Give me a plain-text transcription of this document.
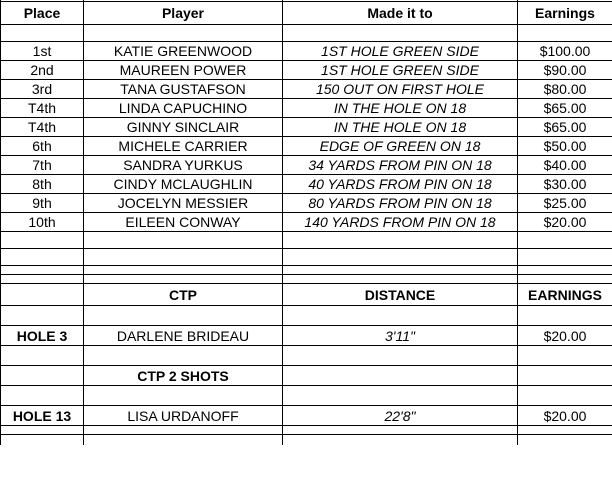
Place	Player	Made it to	Earnings

1st	KATIE GREENWOOD	1ST HOLE GREEN SIDE	$100.00
2nd	MAUREEN POWER	1ST HOLE GREEN SIDE	$90.00
3rd	TANA GUSTAFSON	150 OUT ON FIRST HOLE	$80.00
T4th	LINDA CAPUCHINO	IN THE HOLE ON 18	$65.00
T4th	GINNY SINCLAIR	IN THE HOLE ON 18	$65.00
6th	MICHELE CARRIER	EDGE OF GREEN ON 18	$50.00
7th	SANDRA YURKUS	34 YARDS FROM PIN ON 18	$40.00
8th	CINDY MCLAUGHLIN	40 YARDS FROM PIN ON 18	$30.00
9th	JOCELYN MESSIER	80 YARDS FROM PIN ON 18	$25.00
10th	EILEEN CONWAY	140 YARDS FROM PIN ON 18	$20.00

	CTP	DISTANCE	EARNINGS

HOLE 3	DARLENE BRIDEAU	3'11"	$20.00

	CTP 2 SHOTS		

HOLE 13	LISA URDANOFF	22'8"	$20.00
